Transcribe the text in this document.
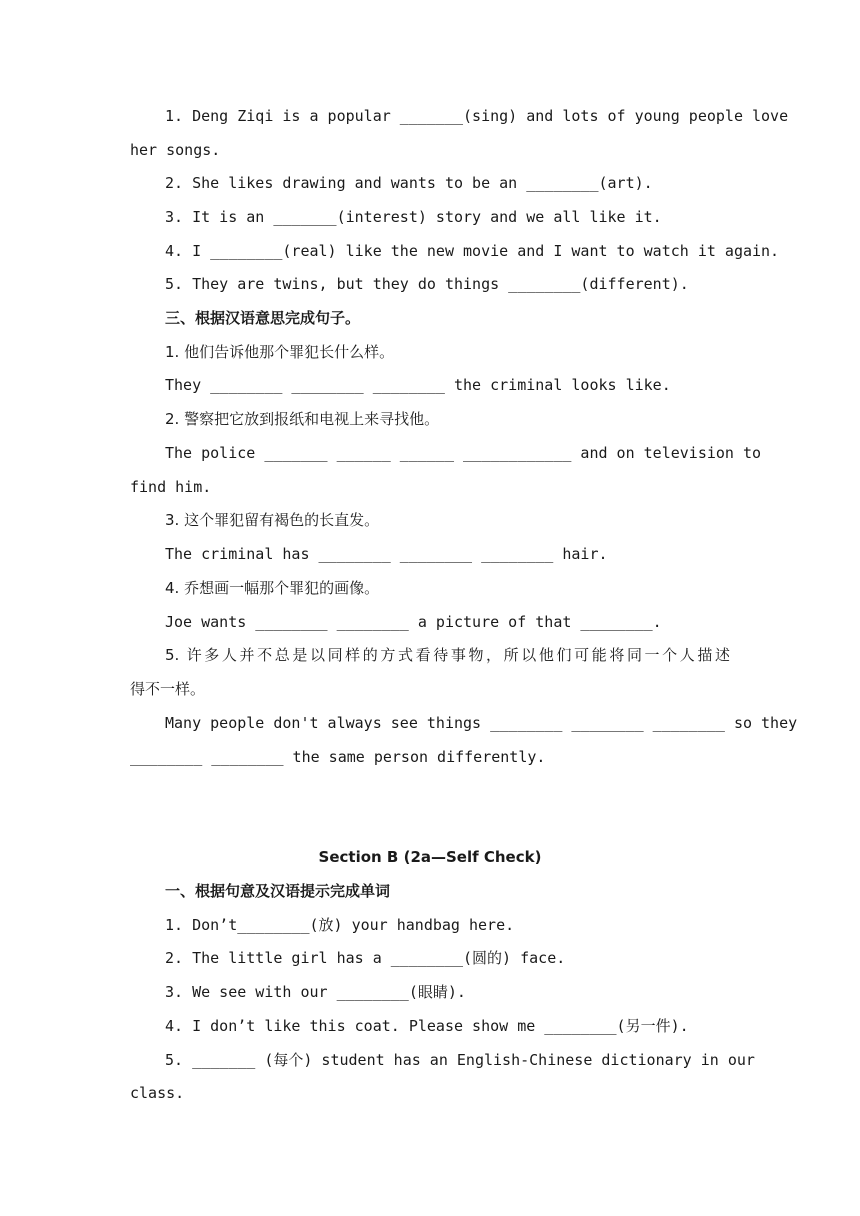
1. Deng Ziqi is a popular _______(sing) and lots of young people love
her songs.
2. She likes drawing and wants to be an ________(art).
3. It is an _______(interest) story and we all like it.
4. I ________(real) like the new movie and I want to watch it again.
5. They are twins, but they do things ________(different).
三、根据汉语意思完成句子。
1. 他们告诉他那个罪犯长什么样。
They ________ ________ ________ the criminal looks like.
2. 警察把它放到报纸和电视上来寻找他。
The police _______ ______ ______ ____________ and on television to
find him.
3. 这个罪犯留有褐色的长直发。
The criminal has ________ ________ ________ hair.
4. 乔想画一幅那个罪犯的画像。
Joe wants ________ ________ a picture of that ________.
5. 许多人并不总是以同样的方式看待事物，所以他们可能将同一个人描述
得不一样。
Many people don't always see things ________ ________ ________ so they
________ ________ the same person differently.
Section B (2a—Self Check)
一、根据句意及汉语提示完成单词
1. Don’t________(放) your handbag here.
2. The little girl has a ________(圆的) face.
3. We see with our ________(眼睛).
4. I don’t like this coat. Please show me ________(另一件).
5. _______ (每个) student has an English-Chinese dictionary in our
class.
